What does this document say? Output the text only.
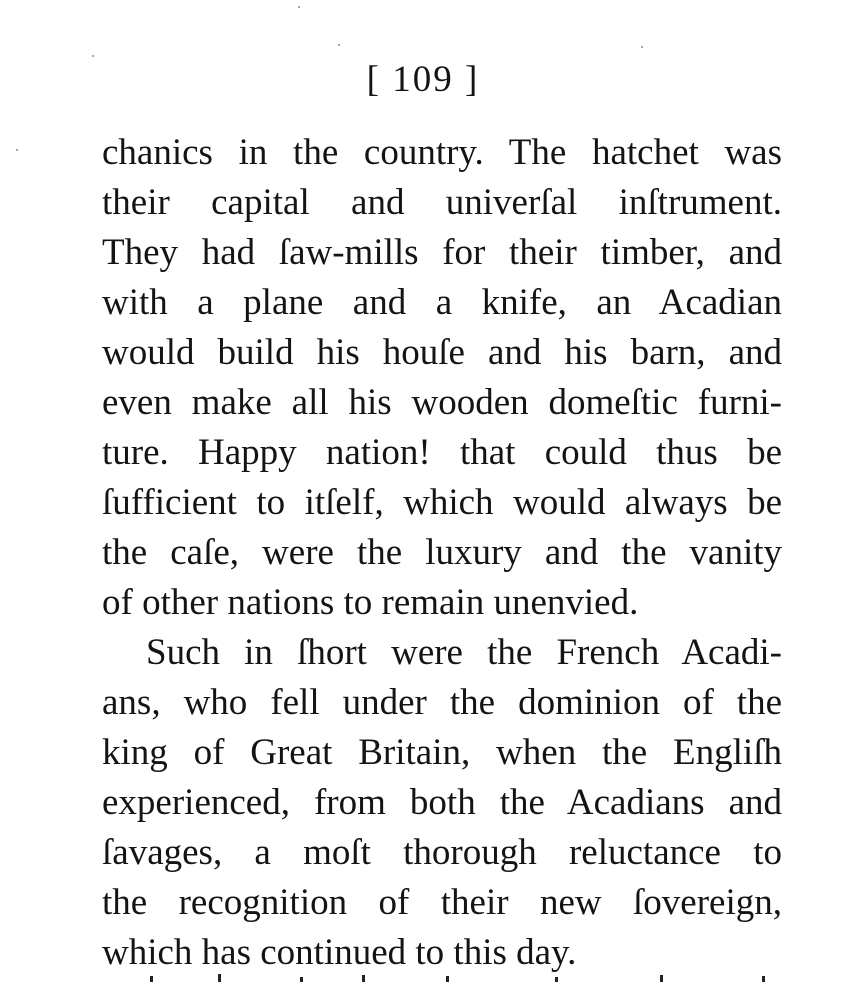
[ 109 ]
chanics in the country. The hatchet was
their capital and univerſal inſtrument.
They had ſaw-mills for their timber, and
with a plane and a knife, an Acadian
would build his houſe and his barn, and
even make all his wooden domeſtic furni-
ture. Happy nation! that could thus be
ſufficient to itſelf, which would always be
the caſe, were the luxury and the vanity
of other nations to remain unenvied.
Such in ſhort were the French Acadi-
ans, who fell under the dominion of the
king of Great Britain, when the Engliſh
experienced, from both the Acadians and
ſavages, a moſt thorough reluctance to
the recognition of their new ſovereign,
which has continued to this day.
